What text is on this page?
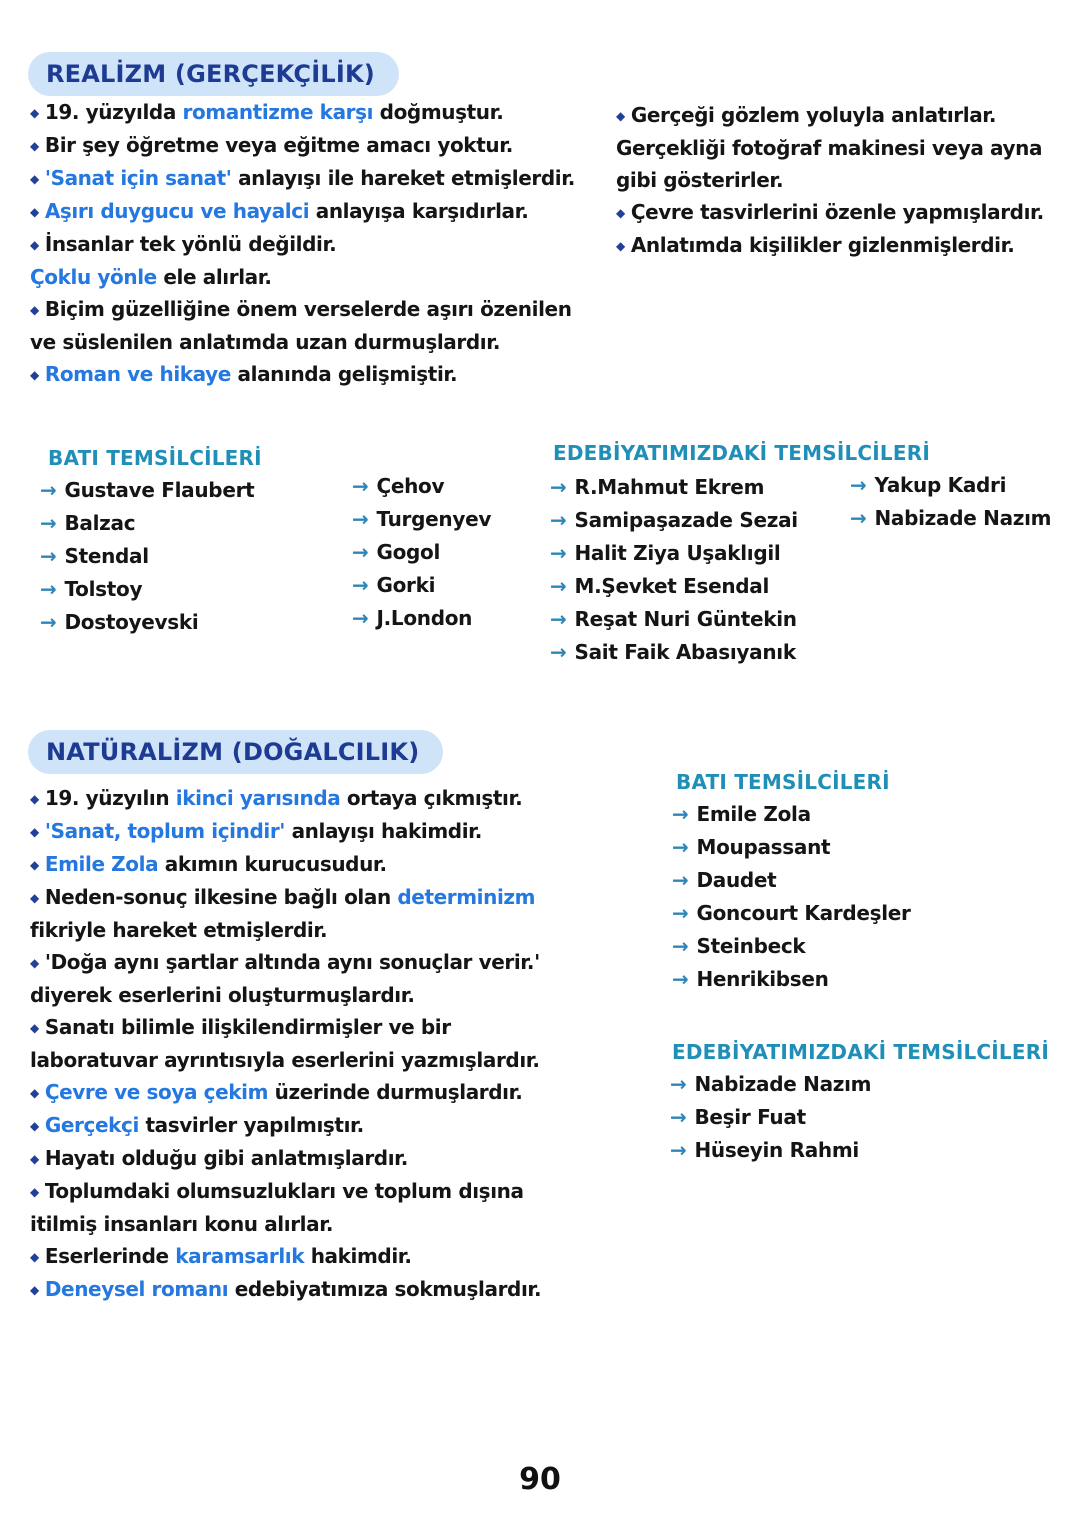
REALİZM (GERÇEKÇİLİK)
◆ 19. yüzyılda romantizme karşı doğmuştur.
◆ Bir şey öğretme veya eğitme amacı yoktur.
◆ 'Sanat için sanat' anlayışı ile hareket etmişlerdir.
◆ Aşırı duygucu ve hayalci anlayışa karşıdırlar.
◆ İnsanlar tek yönlü değildir.
Çoklu yönle ele alırlar.
◆ Biçim güzelliğine önem verselerde aşırı özenilen
ve süslenilen anlatımda uzan durmuşlardır.
◆ Roman ve hikaye alanında gelişmiştir.
◆ Gerçeği gözlem yoluyla anlatırlar.
Gerçekliği fotoğraf makinesi veya ayna
gibi gösterirler.
◆ Çevre tasvirlerini özenle yapmışlardır.
◆ Anlatımda kişilikler gizlenmişlerdir.
BATI TEMSİLCİLERİ
→ Gustave Flaubert
→ Balzac
→ Stendal
→ Tolstoy
→ Dostoyevski
→ Çehov
→ Turgenyev
→ Gogol
→ Gorki
→ J.London
EDEBİYATIMIZDAKİ TEMSİLCİLERİ
→ R.Mahmut Ekrem
→ Samipaşazade Sezai
→ Halit Ziya Uşaklıgil
→ M.Şevket Esendal
→ Reşat Nuri Güntekin
→ Sait Faik Abasıyanık
→ Yakup Kadri
→ Nabizade Nazım
NATÜRALİZM (DOĞALCILIK)
◆ 19. yüzyılın ikinci yarısında ortaya çıkmıştır.
◆ 'Sanat, toplum içindir' anlayışı hakimdir.
◆ Emile Zola akımın kurucusudur.
◆ Neden-sonuç ilkesine bağlı olan determinizm
fikriyle hareket etmişlerdir.
◆ 'Doğa aynı şartlar altında aynı sonuçlar verir.'
diyerek eserlerini oluşturmuşlardır.
◆ Sanatı bilimle ilişkilendirmişler ve bir
laboratuvar ayrıntısıyla eserlerini yazmışlardır.
◆ Çevre ve soya çekim üzerinde durmuşlardır.
◆ Gerçekçi tasvirler yapılmıştır.
◆ Hayatı olduğu gibi anlatmışlardır.
◆ Toplumdaki olumsuzlukları ve toplum dışına
itilmiş insanları konu alırlar.
◆ Eserlerinde karamsarlık hakimdir.
◆ Deneysel romanı edebiyatımıza sokmuşlardır.
BATI TEMSİLCİLERİ
→ Emile Zola
→ Moupassant
→ Daudet
→ Goncourt Kardeşler
→ Steinbeck
→ Henrikibsen
EDEBİYATIMIZDAKİ TEMSİLCİLERİ
→ Nabizade Nazım
→ Beşir Fuat
→ Hüseyin Rahmi
90
